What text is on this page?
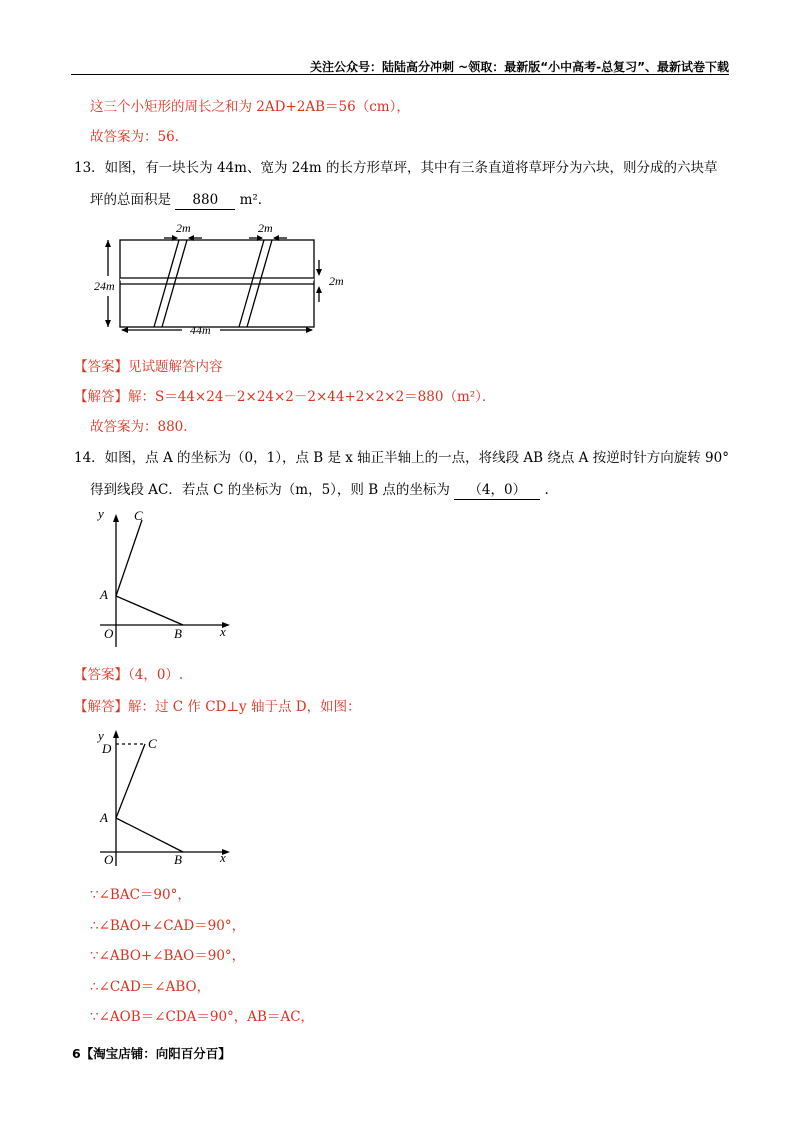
关注公众号：陆陆高分冲刺 ~领取：最新版“小中高考-总复习”、最新试卷下载
这三个小矩形的周长之和为 2AD+2AB＝56（cm），
故答案为：56.
13．如图，有一块长为 44m、宽为 24m 的长方形草坪，其中有三条直道将草坪分为六块，则分成的六块草
坪的总面积是 880 m²．
2m	2m
24m	2m
44m
【答案】见试题解答内容
【解答】解：S＝44×24－2×24×2－2×44+2×2×2＝880（m²）．
故答案为：880.
14．如图，点 A 的坐标为（0，1），点 B 是 x 轴正半轴上的一点，将线段 AB 绕点 A 按逆时针方向旋转 90°
得到线段 AC．若点 C 的坐标为（m，5），则 B 点的坐标为 （4，0） .
y C
A
O	B	x
【答案】（4，0）.
【解答】解：过 C 作 CD⊥y 轴于点 D，如图：
y
D	C
A
O	B	x
∵∠BAC＝90°，
∴∠BAO+∠CAD＝90°，
∵∠ABO+∠BAO＝90°，
∴∠CAD＝∠ABO，
∵∠AOB＝∠CDA＝90°，AB＝AC，
6【淘宝店铺：向阳百分百】
